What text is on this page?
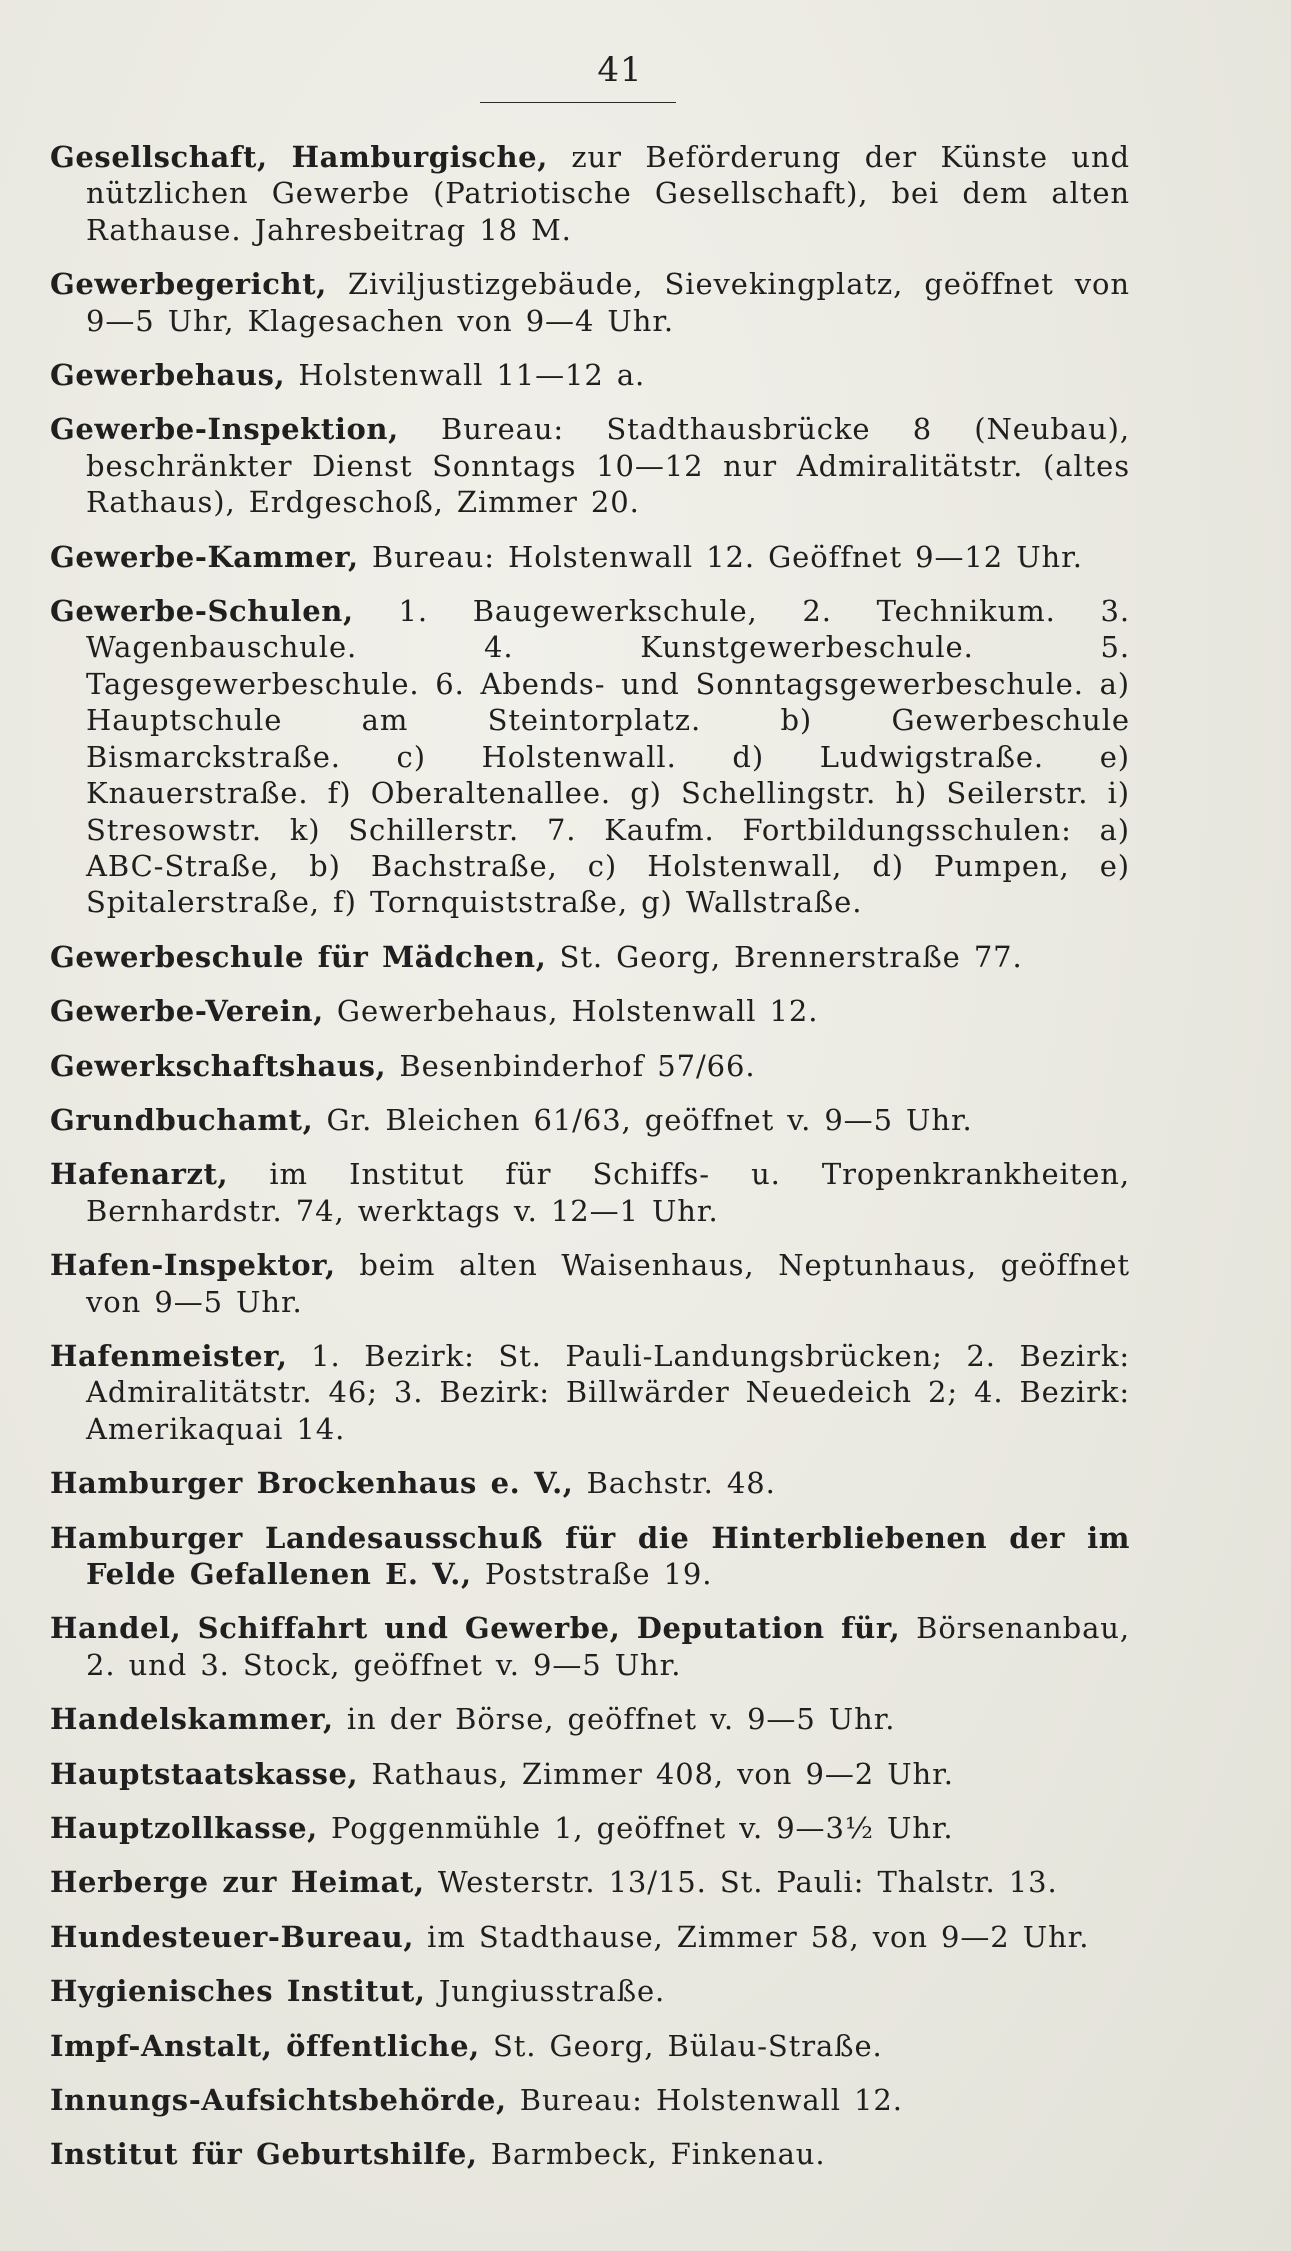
41

Gesellschaft, Hamburgische, zur Beförderung der Künste und nützlichen Gewerbe (Patriotische Gesellschaft), bei dem alten Rathause. Jahresbeitrag 18 M.

Gewerbegericht, Ziviljustizgebäude, Sievekingplatz, geöffnet von 9—5 Uhr, Klagesachen von 9—4 Uhr.

Gewerbehaus, Holstenwall 11—12 a.

Gewerbe-Inspektion, Bureau: Stadthausbrücke 8 (Neubau), beschränkter Dienst Sonntags 10—12 nur Admiralitätstr. (altes Rathaus), Erdgeschoß, Zimmer 20.

Gewerbe-Kammer, Bureau: Holstenwall 12. Geöffnet 9—12 Uhr.

Gewerbe-Schulen, 1. Baugewerkschule, 2. Technikum. 3. Wagenbauschule. 4. Kunstgewerbeschule. 5. Tagesgewerbeschule. 6. Abends- und Sonntagsgewerbeschule. a) Hauptschule am Steintorplatz. b) Gewerbeschule Bismarckstraße. c) Holstenwall. d) Ludwigstraße. e) Knauerstraße. f) Oberaltenallee. g) Schellingstr. h) Seilerstr. i) Stresowstr. k) Schillerstr. 7. Kaufm. Fortbildungsschulen: a) ABC-Straße, b) Bachstraße, c) Holstenwall, d) Pumpen, e) Spitalerstraße, f) Tornquiststraße, g) Wallstraße.

Gewerbeschule für Mädchen, St. Georg, Brennerstraße 77.

Gewerbe-Verein, Gewerbehaus, Holstenwall 12.

Gewerkschaftshaus, Besenbinderhof 57/66.

Grundbuchamt, Gr. Bleichen 61/63, geöffnet v. 9—5 Uhr.

Hafenarzt, im Institut für Schiffs- u. Tropenkrankheiten, Bernhardstr. 74, werktags v. 12—1 Uhr.

Hafen-Inspektor, beim alten Waisenhaus, Neptunhaus, geöffnet von 9—5 Uhr.

Hafenmeister, 1. Bezirk: St. Pauli-Landungsbrücken; 2. Bezirk: Admiralitätstr. 46; 3. Bezirk: Billwärder Neuedeich 2; 4. Bezirk: Amerikaquai 14.

Hamburger Brockenhaus e. V., Bachstr. 48.

Hamburger Landesausschuß für die Hinterbliebenen der im Felde Gefallenen E. V., Poststraße 19.

Handel, Schiffahrt und Gewerbe, Deputation für, Börsenanbau, 2. und 3. Stock, geöffnet v. 9—5 Uhr.

Handelskammer, in der Börse, geöffnet v. 9—5 Uhr.

Hauptstaatskasse, Rathaus, Zimmer 408, von 9—2 Uhr.

Hauptzollkasse, Poggenmühle 1, geöffnet v. 9—3½ Uhr.

Herberge zur Heimat, Westerstr. 13/15. St. Pauli: Thalstr. 13.

Hundesteuer-Bureau, im Stadthause, Zimmer 58, von 9—2 Uhr.

Hygienisches Institut, Jungiusstraße.

Impf-Anstalt, öffentliche, St. Georg, Bülau-Straße.

Innungs-Aufsichtsbehörde, Bureau: Holstenwall 12.

Institut für Geburtshilfe, Barmbeck, Finkenau.
